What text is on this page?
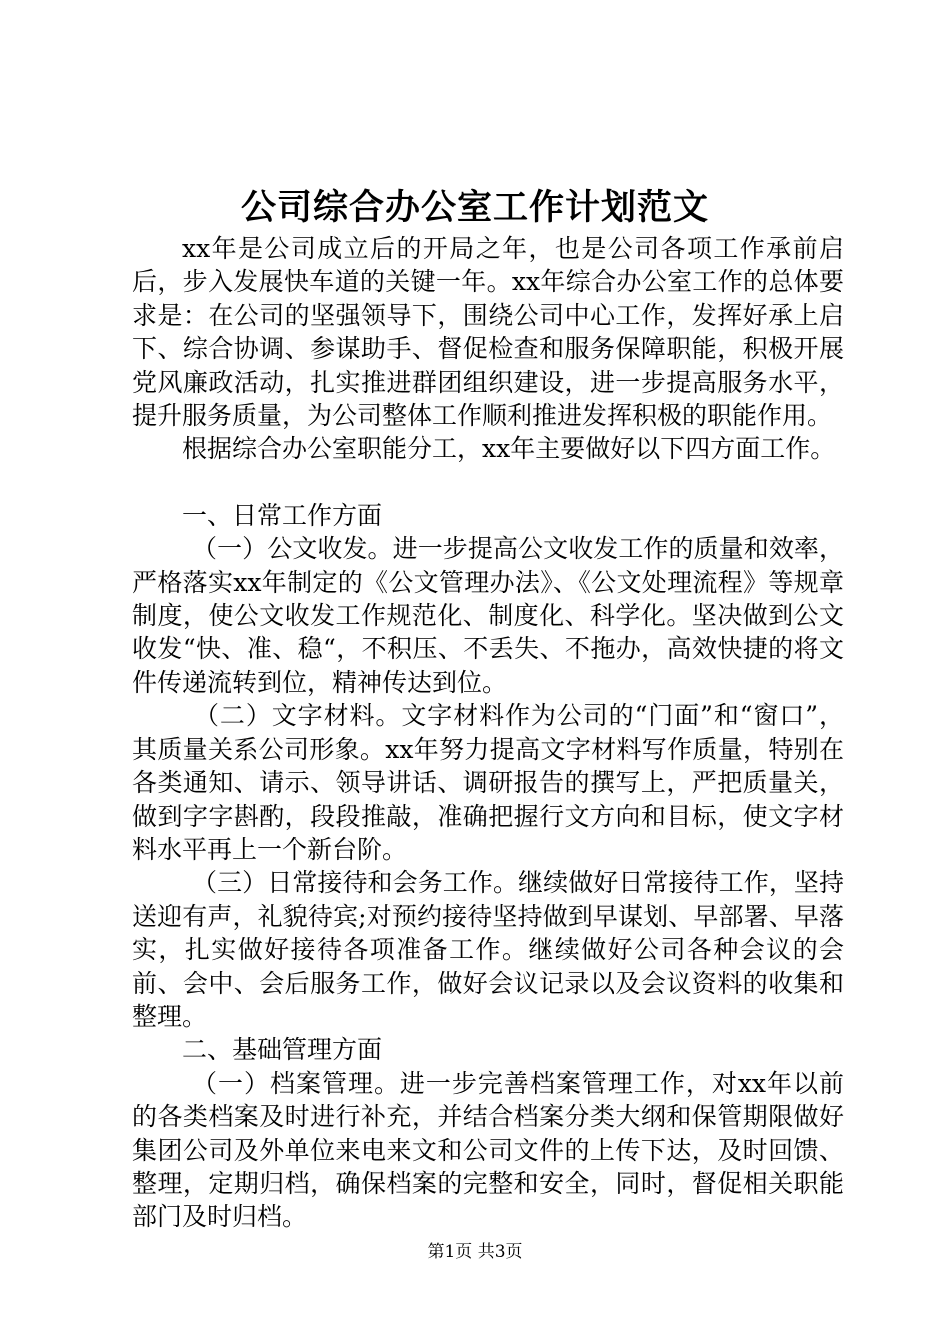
公司综合办公室工作计划范文

xx年是公司成立后的开局之年，也是公司各项工作承前启后，步入发展快车道的关键一年。xx年综合办公室工作的总体要求是：在公司的坚强领导下，围绕公司中心工作，发挥好承上启下、综合协调、参谋助手、督促检查和服务保障职能，积极开展党风廉政活动，扎实推进群团组织建设，进一步提高服务水平，提升服务质量，为公司整体工作顺利推进发挥积极的职能作用。

根据综合办公室职能分工，xx年主要做好以下四方面工作。

一、日常工作方面

（一）公文收发。进一步提高公文收发工作的质量和效率，严格落实xx年制定的《公文管理办法》、《公文处理流程》等规章制度，使公文收发工作规范化、制度化、科学化。坚决做到公文收发“快、准、稳“，不积压、不丢失、不拖办，高效快捷的将文件传递流转到位，精神传达到位。

（二）文字材料。文字材料作为公司的“门面”和“窗口”，其质量关系公司形象。xx年努力提高文字材料写作质量，特别在各类通知、请示、领导讲话、调研报告的撰写上，严把质量关，做到字字斟酌，段段推敲，准确把握行文方向和目标，使文字材料水平再上一个新台阶。

（三）日常接待和会务工作。继续做好日常接待工作，坚持送迎有声，礼貌待宾;对预约接待坚持做到早谋划、早部署、早落实，扎实做好接待各项准备工作。继续做好公司各种会议的会前、会中、会后服务工作，做好会议记录以及会议资料的收集和整理。

二、基础管理方面

（一）档案管理。进一步完善档案管理工作，对xx年以前的各类档案及时进行补充，并结合档案分类大纲和保管期限做好集团公司及外单位来电来文和公司文件的上传下达，及时回馈、整理，定期归档，确保档案的完整和安全，同时，督促相关职能部门及时归档。

第1页 共3页
